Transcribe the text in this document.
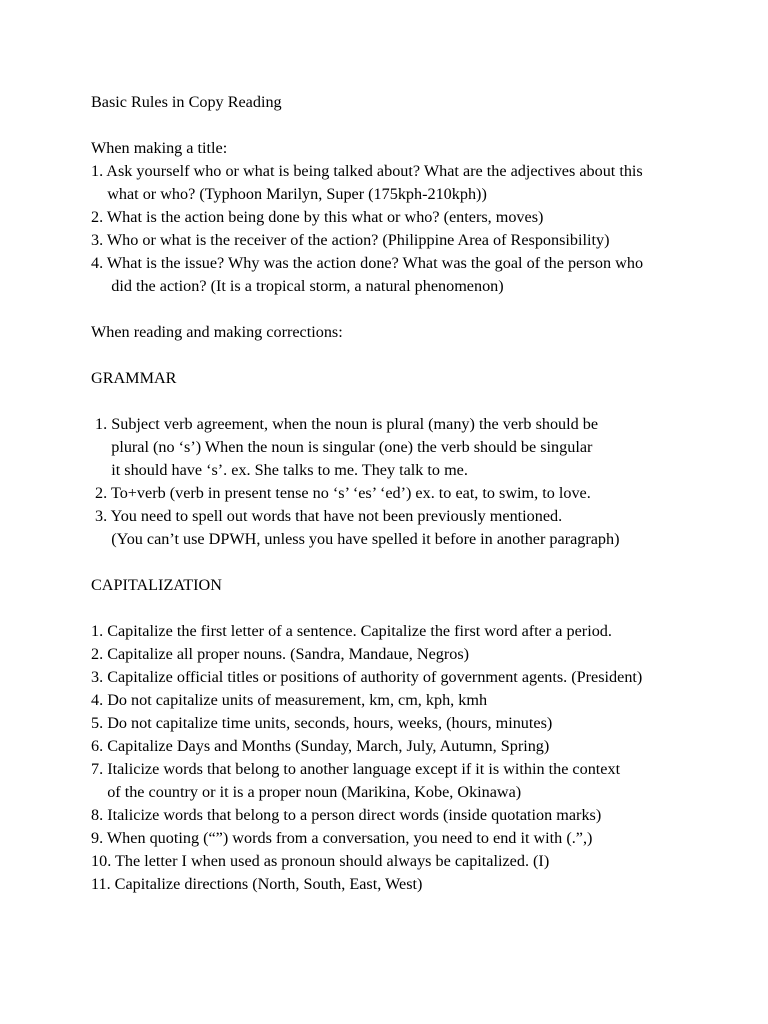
Basic Rules in Copy Reading
When making a title:
1. Ask yourself who or what is being talked about? What are the adjectives about this
what or who? (Typhoon Marilyn, Super (175kph-210kph))
2. What is the action being done by this what or who? (enters, moves)
3. Who or what is the receiver of the action? (Philippine Area of Responsibility)
4. What is the issue? Why was the action done? What was the goal of the person who
did the action? (It is a tropical storm, a natural phenomenon)
When reading and making corrections:
GRAMMAR
1. Subject verb agreement, when the noun is plural (many) the verb should be
plural (no ‘s’) When the noun is singular (one) the verb should be singular
it should have ‘s’. ex. She talks to me. They talk to me.
2. To+verb (verb in present tense no ‘s’ ‘es’ ‘ed’) ex. to eat, to swim, to love.
3. You need to spell out words that have not been previously mentioned.
(You can’t use DPWH, unless you have spelled it before in another paragraph)
CAPITALIZATION
1. Capitalize the first letter of a sentence. Capitalize the first word after a period.
2. Capitalize all proper nouns. (Sandra, Mandaue, Negros)
3. Capitalize official titles or positions of authority of government agents. (President)
4. Do not capitalize units of measurement, km, cm, kph, kmh
5. Do not capitalize time units, seconds, hours, weeks, (hours, minutes)
6. Capitalize Days and Months (Sunday, March, July, Autumn, Spring)
7. Italicize words that belong to another language except if it is within the context
of the country or it is a proper noun (Marikina, Kobe, Okinawa)
8. Italicize words that belong to a person direct words (inside quotation marks)
9. When quoting (“”) words from a conversation, you need to end it with (.”,)
10. The letter I when used as pronoun should always be capitalized. (I)
11. Capitalize directions (North, South, East, West)
